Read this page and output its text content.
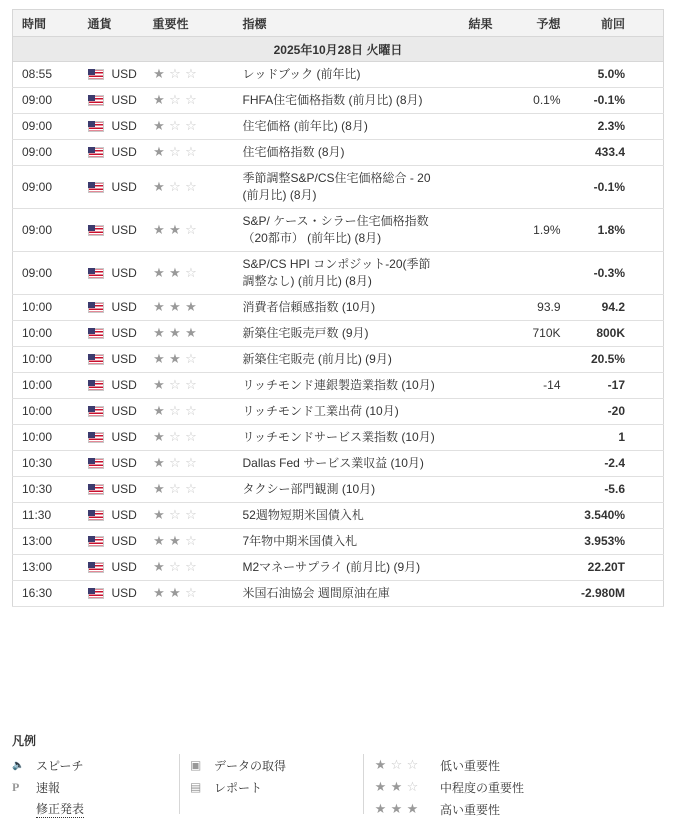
時間	通貨	重要性	指標	結果	予想	前回
2025年10月28日 火曜日						
08:55	USD	★ ☆ ☆	レッドブック (前年比)			5.0%
09:00	USD	★ ☆ ☆	FHFA住宅価格指数 (前月比) (8月)		0.1%	-0.1%
09:00	USD	★ ☆ ☆	住宅価格 (前年比) (8月)			2.3%
09:00	USD	★ ☆ ☆	住宅価格指数 (8月)			433.4
09:00	USD	★ ☆ ☆	季節調整S&P/CS住宅価格総合 - 20 (前月比) (8月)			-0.1%
09:00	USD	★ ★ ☆	S&P/ ケース・シラー住宅価格指数（20都市） (前年比) (8月)		1.9%	1.8%
09:00	USD	★ ★ ☆	S&P/CS HPI コンポジット-20(季節調整なし) (前月比) (8月)			-0.3%
10:00	USD	★ ★ ★	消費者信頼感指数 (10月)		93.9	94.2
10:00	USD	★ ★ ★	新築住宅販売戸数 (9月)		710K	800K
10:00	USD	★ ★ ☆	新築住宅販売 (前月比) (9月)			20.5%
10:00	USD	★ ☆ ☆	リッチモンド連銀製造業指数 (10月)		-14	-17
10:00	USD	★ ☆ ☆	リッチモンド工業出荷 (10月)			-20
10:00	USD	★ ☆ ☆	リッチモンドサービス業指数 (10月)			1
10:30	USD	★ ☆ ☆	Dallas Fed サービス業収益 (10月)			-2.4
10:30	USD	★ ☆ ☆	タクシー部門観測 (10月)			-5.6
11:30	USD	★ ☆ ☆	52週物短期米国債入札			3.540%
13:00	USD	★ ★ ☆	7年物中期米国債入札			3.953%
13:00	USD	★ ☆ ☆	M2マネーサプライ (前月比) (9月)			22.20T
16:30	USD	★ ★ ☆	米国石油協会 週間原油在庫			-2.980M
凡例
🔈 スピーチ
P	速報
修正発表
▣	データの取得
▤	レポート
★ ☆ ☆ 低い重要性
★ ★ ☆ 中程度の重要性
★ ★ ★ 高い重要性
